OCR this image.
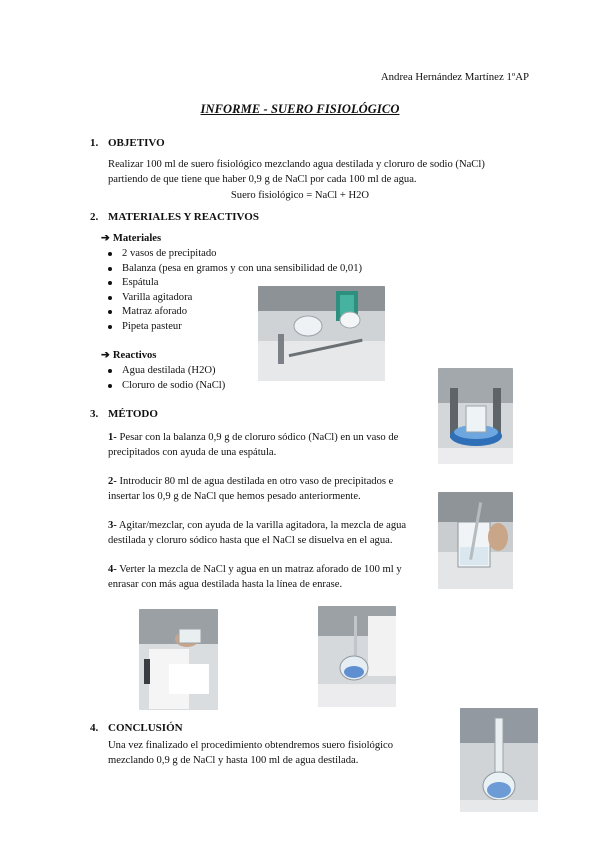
Andrea Hernández Martínez 1ºAP
INFORME - SUERO FISIOLÓGICO
1. OBJETIVO
Realizar 100 ml de suero fisiológico mezclando agua destilada y cloruro de sodio (NaCl)
partiendo de que tiene que haber 0,9 g de NaCl por cada 100 ml de agua.
Suero fisiológico = NaCl + H2O
2. MATERIALES Y REACTIVOS
➔ Materiales
2 vasos de precipitado
Balanza (pesa en gramos y con una sensibilidad de 0,01)
Espátula
Varilla agitadora
Matraz aforado
Pipeta pasteur
➔ Reactivos
Agua destilada (H2O)
Cloruro de sodio (NaCl)
3. MÉTODO
1- Pesar con la balanza 0,9 g de cloruro sódico (NaCl) en un vaso de
precipitados con ayuda de una espátula.
2- Introducir 80 ml de agua destilada en otro vaso de precipitados e
insertar los 0,9 g de NaCl que hemos pesado anteriormente.
3- Agitar/mezclar, con ayuda de la varilla agitadora, la mezcla de agua
destilada y cloruro sódico hasta que el NaCl se disuelva en el agua.
4- Verter la mezcla de NaCl y agua en un matraz aforado de 100 ml y
enrasar con más agua destilada hasta la línea de enrase.
4. CONCLUSIÓN
Una vez finalizado el procedimiento obtendremos suero fisiológico
mezclando 0,9 g de NaCl y hasta 100 ml de agua destilada.
